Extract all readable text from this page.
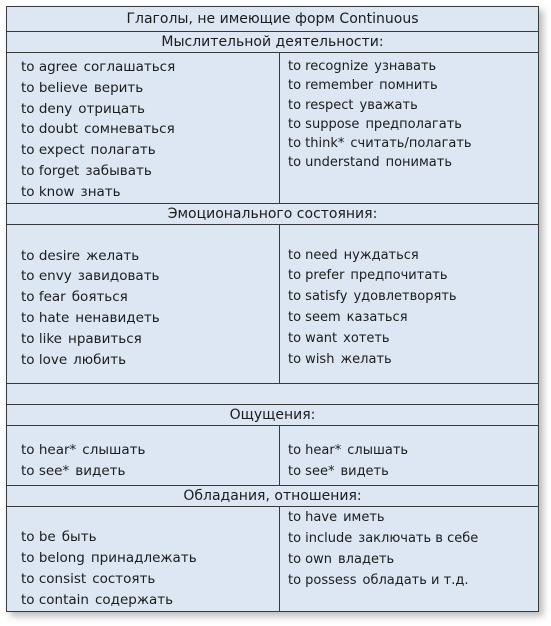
Глаголы, не имеющие форм Continuous
Мыслительной деятельности:
to agree соглашаться
to believe верить
to deny отрицать
to doubt сомневаться
to expect полагать
to forget забывать
to know знать
to recognize узнавать
to remember помнить
to respect уважать
to suppose предполагать
to think* считать/полагать
to understand понимать
Эмоционального состояния:
to desire желать
to envy завидовать
to fear бояться
to hate ненавидеть
to like нравиться
to love любить
to need нуждаться
to prefer предпочитать
to satisfy удовлетворять
to seem казаться
to want хотеть
to wish желать
Ощущения:
to hear* слышать
to see* видеть
to hear* слышать
to see* видеть
Обладания, отношения:
to be быть
to belong принадлежать
to consist состоять
to contain содержать
to have иметь
to include заключать в себе
to own владеть
to possess обладать и т.д.
